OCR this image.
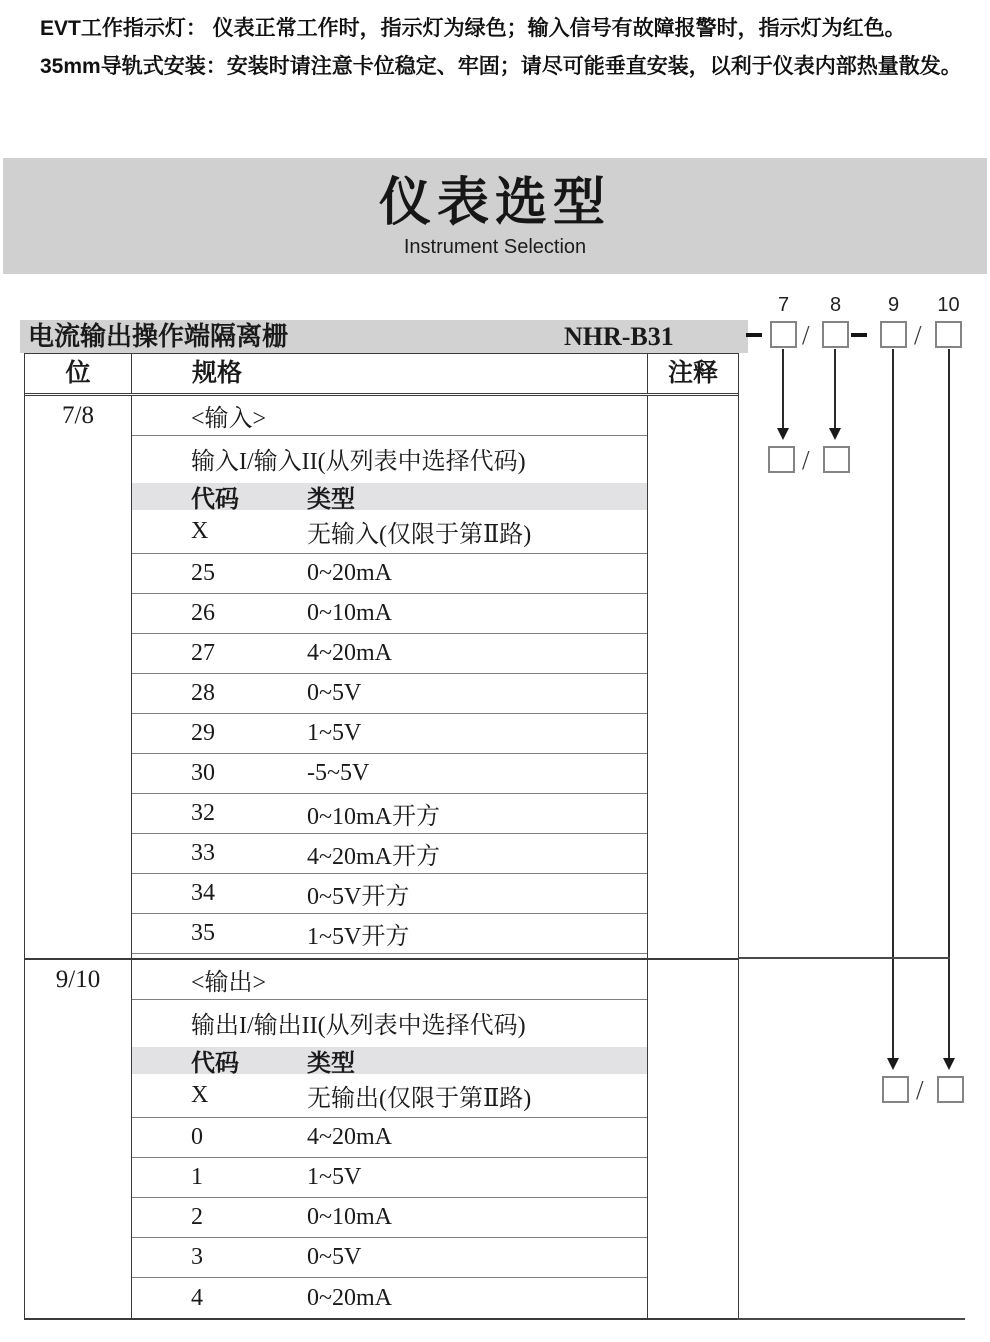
EVT工作指示灯： 仪表正常工作时，指示灯为绿色；输入信号有故障报警时，指示灯为红色。
35mm导轨式安装：安装时请注意卡位稳定、牢固；请尽可能垂直安装，以利于仪表内部热量散发。
仪表选型
Instrument Selection
电流输出操作端隔离栅	NHR-B31
位	规格	注释
7/8	<输入>
输入I/输入II(从列表中选择代码)
代码	类型
X	无输入(仅限于第Ⅱ路)
25	0~20mA
26	0~10mA
27	4~20mA
28	0~5V
29	1~5V
30	-5~5V
32	0~10mA开方
33	4~20mA开方
34	0~5V开方
35	1~5V开方
9/10	<输出>
输出I/输出II(从列表中选择代码)
代码	类型
X	无输出(仅限于第Ⅱ路)
0	4~20mA
1	1~5V
2	0~10mA
3	0~5V
4	0~20mA
7	8	9	10
/	/
/
/
